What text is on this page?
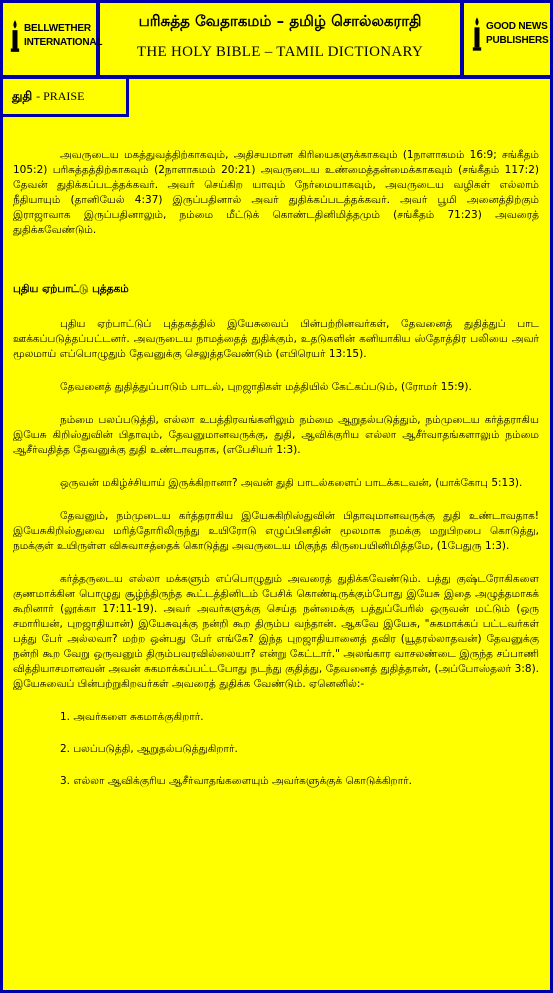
BELLWETHER
INTERNATIONAL
பரிசுத்த வேதாகமம் – தமிழ் சொல்லகராதி
THE HOLY BIBLE – TAMIL DICTIONARY
GOOD NEWS
PUBLISHERS
துதி - PRAISE

அவருடைய மகத்துவத்திற்காகவும், அதிசயமான கிரியைகளுக்காகவும் (1நாளாகமம் 16:9; சங்கீதம் 105:2) பரிசுத்தத்திற்காகவும் (2நாளாகமம் 20:21) அவருடைய உண்மைத்தன்மைக்காகவும் (சங்கீதம் 117:2) தேவன் துதிக்கப்படத்தக்கவர். அவர் செய்கிற யாவும் நேர்மையாகவும், அவருடைய வழிகள் எல்லாம் நீதியாயும் (தானியேல் 4:37) இருப்பதினால் அவர் துதிக்கப்படத்தக்கவர். அவர் பூமி அனைத்திற்கும் இராஜாவாக இருப்பதினாலும், நம்மை மீட்டுக் கொண்டதினிமித்தமும் (சங்கீதம் 71:23) அவரைத் துதிக்கவேண்டும்.

புதிய ஏற்பாட்டு புத்தகம்

புதிய ஏற்பாட்டுப் புத்தகத்தில் இயேசுவைப் பின்பற்றினவர்கள், தேவனைத் துதித்துப் பாட ஊக்கப்படுத்தப்பட்டனர். அவருடைய நாமத்தைத் துதிக்கும், உதடுகளின் கனியாகிய ஸ்தோத்திர பலியை அவர் மூலமாய் எப்பொழுதும் தேவனுக்கு செலுத்தவேண்டும் (எபிரெயர் 13:15).

தேவனைத் துதித்துப்பாடும் பாடல், புறஜாதிகள் மத்தியில் கேட்கப்படும், (ரோமர் 15:9).

நம்மை பலப்படுத்தி, எல்லா உபத்திரவங்களிலும் நம்மை ஆறுதல்படுத்தும், நம்முடைய கர்த்தராகிய இயேசு கிறிஸ்துவின் பிதாவும், தேவனுமானவருக்கு, துதி, ஆவிக்குரிய எல்லா ஆசீர்வாதங்களாலும் நம்மை ஆசீர்வதித்த தேவனுக்கு துதி உண்டாவதாக, (எபேசியர் 1:3).

ஒருவன் மகிழ்ச்சியாய் இருக்கிறானா? அவன் துதி பாடல்களைப் பாடக்கடவன், (யாக்கோபு 5:13).

தேவனும், நம்முடைய கர்த்தராகிய இயேசுகிறிஸ்துவின் பிதாவுமானவருக்கு துதி உண்டாவதாக! இயேசுகிறிஸ்துவை மரித்தோரிலிருந்து உயிரோடு எழுப்பினதின் மூலமாக நமக்கு மறுபிறபை கொடுத்து, நமக்குள் உயிருள்ள விசுவாசத்தைக் கொடுத்து அவருடைய மிகுந்த கிருபையினிமித்தமே, (1பேதுரு 1:3).

கர்த்தருடைய எல்லா மக்களும் எப்பொழுதும் அவரைத் துதிக்கவேண்டும். பத்து குஷ்டரோகிகளை குணமாக்கின பொழுது சூழ்ந்திருந்த கூட்டத்தினிடம் பேசிக் கொண்டிருக்கும்போது இயேசு இதை அழுத்தமாகக் கூறினார் (லூக்கா 17:11-19). அவர் அவர்களுக்கு செய்த நன்மைக்கு பத்துப்பேரில் ஒருவன் மட்டும் (ஒரு சமாரியன், புறஜாதியான்) இயேசுவுக்கு நன்றி கூற திரும்ப வந்தான். ஆகவே இயேசு, "சுகமாக்கப் பட்டவர்கள் பத்து பேர் அல்லவா? மற்ற ஒன்பது பேர் எங்கே? இந்த புறஜாதியானைத் தவிர (யூதரல்லாதவன்) தேவனுக்கு நன்றி கூற வேறு ஒருவனும் திரும்பவரவில்லையா? என்று கேட்டார்." அலங்கார வாசலண்டை இருந்த சப்பாணி வித்தியாசமானவன் அவன் சுகமாக்கப்பட்டபோது நடந்து குதித்து, தேவனைத் துதித்தான், (அப்போஸ்தலர் 3:8). இயேசுவைப் பின்பற்றுகிறவர்கள் அவரைத் துதிக்க வேண்டும். ஏனெனில்:-

1. அவர்களை சுகமாக்குகிறார்.
2. பலப்படுத்தி, ஆறுதல்படுத்துகிறார்.
3. எல்லா ஆவிக்குரிய ஆசீர்வாதங்களையும் அவர்களுக்குக் கொடுக்கிறார்.
